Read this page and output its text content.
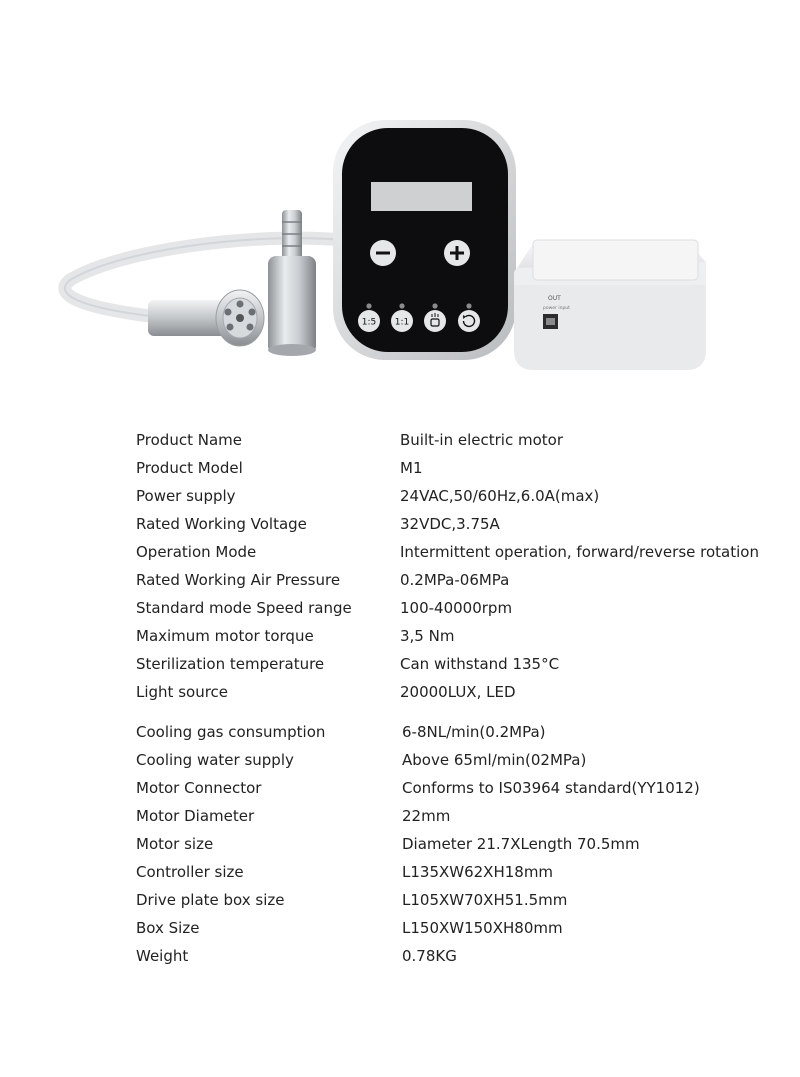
1:5 1:1
OUT
power input
Product Name	Built-in electric motor
Product Model	M1
Power supply	24VAC,50/60Hz,6.0A(max)
Rated Working Voltage	32VDC,3.75A
Operation Mode	Intermittent operation, forward/reverse rotation
Rated Working Air Pressure	0.2MPa-06MPa
Standard mode Speed range	100-40000rpm
Maximum motor torque	3,5 Nm
Sterilization temperature	Can withstand 135°C
Light source	20000LUX, LED
Cooling gas consumption	6-8NL/min(0.2MPa)
Cooling water supply	Above 65ml/min(02MPa)
Motor Connector	Conforms to IS03964 standard(YY1012)
Motor Diameter	22mm
Motor size	Diameter 21.7XLength 70.5mm
Controller size	L135XW62XH18mm
Drive plate box size	L105XW70XH51.5mm
Box Size	L150XW150XH80mm
Weight	0.78KG
